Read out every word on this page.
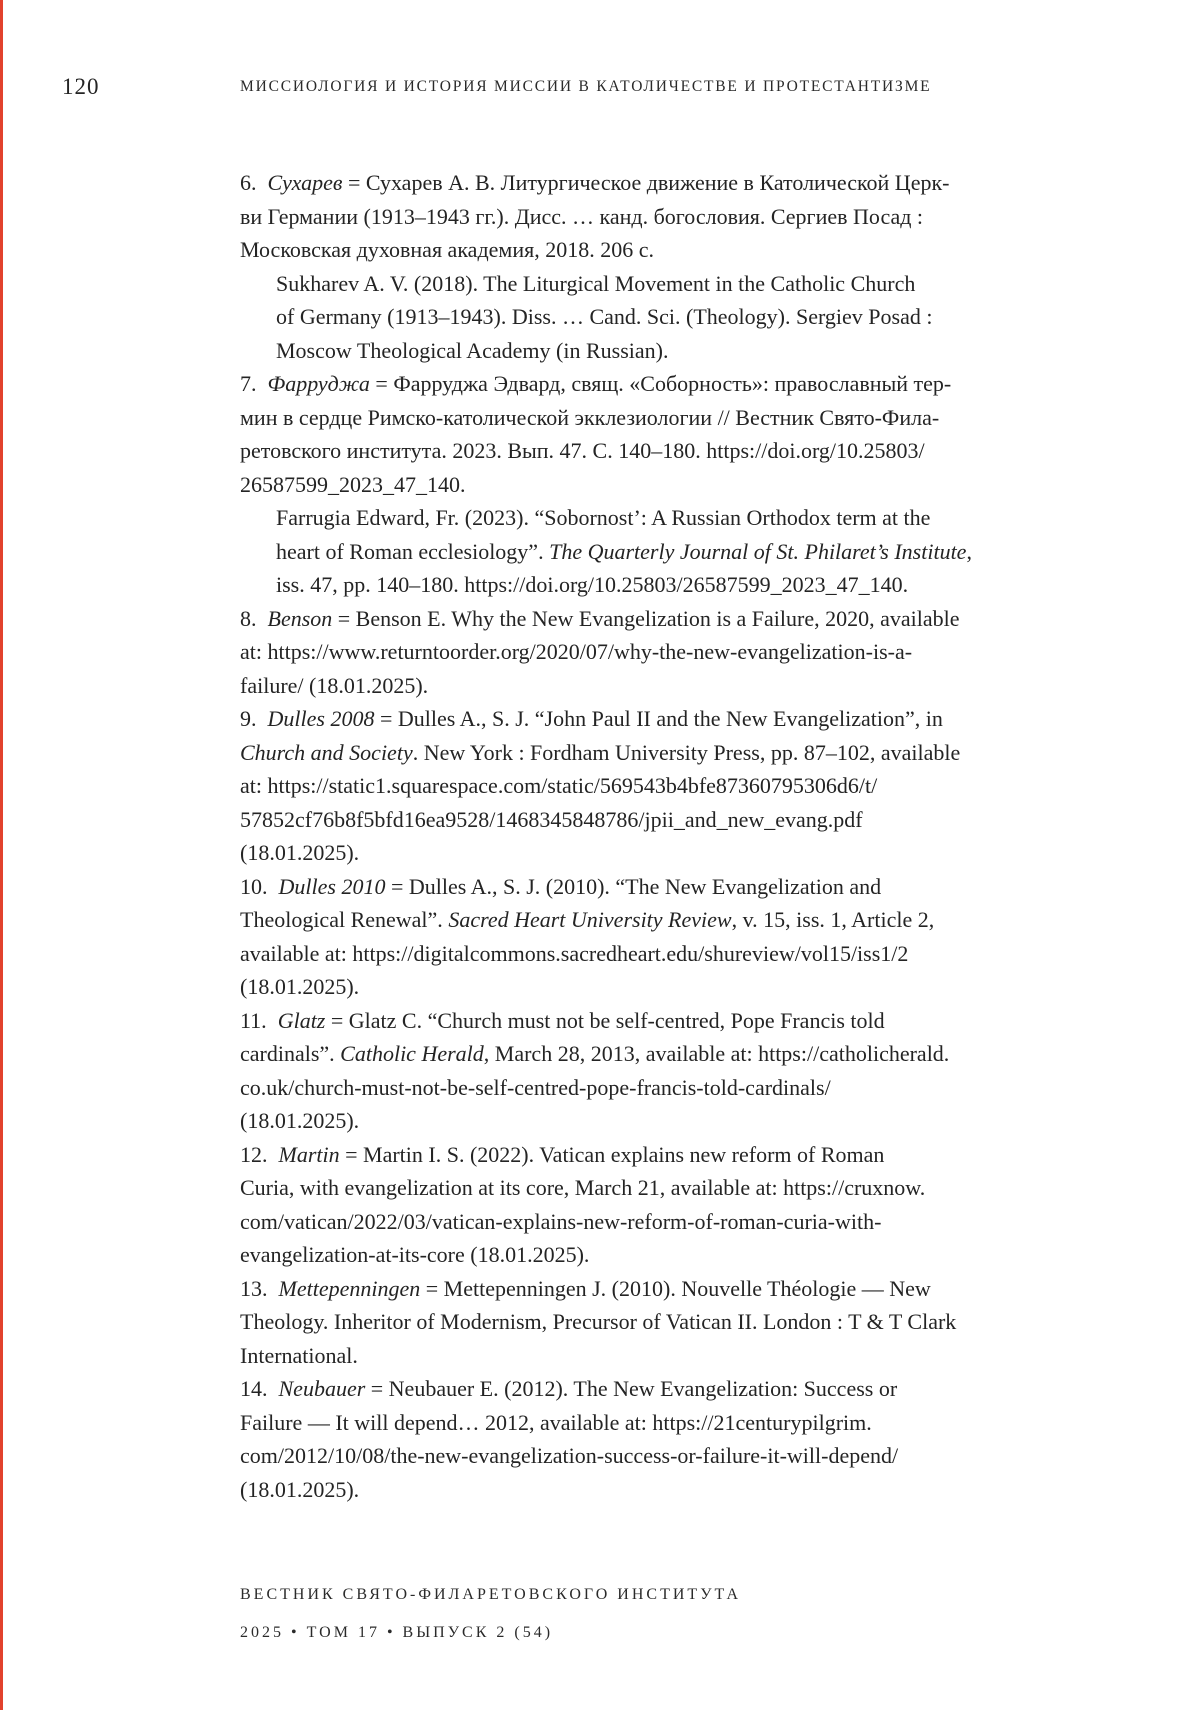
120	МИССИОЛОГИЯ И ИСТОРИЯ МИССИИ В КАТОЛИЧЕСТВЕ И ПРОТЕСТАНТИЗМЕ
6. Сухарев = Сухарев А. В. Литургическое движение в Католической Церк-
ви Германии (1913–1943 гг.). Дисс. … канд. богословия. Сергиев Посад :
Московская духовная академия, 2018. 206 с.
Sukharev A. V. (2018). The Liturgical Movement in the Catholic Church
of Germany (1913–1943). Diss. … Cand. Sci. (Theology). Sergiev Posad :
Moscow Theological Academy (in Russian).
7. Фарруджа = Фарруджа Эдвард, свящ. «Соборность»: православный тер-
мин в сердце Римско-католической экклезиологии // Вестник Свято-Фила-
ретовского института. 2023. Вып. 47. С. 140–180. https://doi.org/10.25803/
26587599_2023_47_140.
Farrugia Edward, Fr. (2023). “Sobornost’: A Russian Orthodox term at the
heart of Roman ecclesiology”. The Quarterly Journal of St. Philaret’s Institute,
iss. 47, pp. 140–180. https://doi.org/10.25803/26587599_2023_47_140.
8. Benson = Benson E. Why the New Evangelization is a Failure, 2020, available
at: https://www.returntoorder.org/2020/07/why-the-new-evangelization-is-a-
failure/ (18.01.2025).
9. Dulles 2008 = Dulles A., S. J. “John Paul II and the New Evangelization”, in
Church and Society. New York : Fordham University Press, pp. 87–102, available
at: https://static1.squarespace.com/static/569543b4bfe87360795306d6/t/
57852cf76b8f5bfd16ea9528/1468345848786/jpii_and_new_evang.pdf
(18.01.2025).
10. Dulles 2010 = Dulles A., S. J. (2010). “The New Evangelization and
Theological Renewal”. Sacred Heart University Review, v. 15, iss. 1, Article 2,
available at: https://digitalcommons.sacredheart.edu/shureview/vol15/iss1/2
(18.01.2025).
11. Glatz = Glatz C. “Church must not be self-centred, Pope Francis told
cardinals”. Catholic Herald, March 28, 2013, available at: https://catholicherald.
co.uk/church-must-not-be-self-centred-pope-francis-told-cardinals/
(18.01.2025).
12. Martin = Martin I. S. (2022). Vatican explains new reform of Roman
Curia, with evangelization at its core, March 21, available at: https://cruxnow.
com/vatican/2022/03/vatican-explains-new-reform-of-roman-curia-with-
evangelization-at-its-core (18.01.2025).
13. Mettepenningen = Mettepenningen J. (2010). Nouvelle Théologie — New
Theology. Inheritor of Modernism, Precursor of Vatican II. London : T & T Clark
International.
14. Neubauer = Neubauer E. (2012). The New Evangelization: Success or
Failure — It will depend… 2012, available at: https://21centurypilgrim.
com/2012/10/08/the-new-evangelization-success-or-failure-it-will-depend/
(18.01.2025).
ВЕСТНИК СВЯТО-ФИЛАРЕТОВСКОГО ИНСТИТУТА
2025 • ТОМ 17 • ВЫПУСК 2 (54)
